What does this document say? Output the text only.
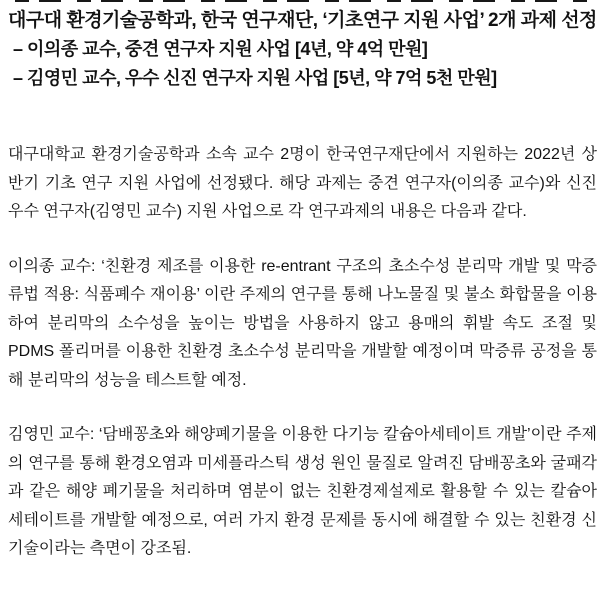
대구대 환경기술공학과, 한국 연구재단, ‘기초연구 지원 사업’ 2개 과제 선정
– 이의종 교수, 중견 연구자 지원 사업 [4년, 약 4억 만원]
– 김영민 교수, 우수 신진 연구자 지원 사업 [5년, 약 7억 5천 만원]

대구대학교 환경기술공학과 소속 교수 2명이 한국연구재단에서 지원하는 2022년 상반기 기초 연구 지원 사업에 선정됐다. 해당 과제는 중견 연구자(이의종 교수)와 신진 우수 연구자(김영민 교수) 지원 사업으로 각 연구과제의 내용은 다음과 같다.

이의종 교수: ‘친환경 제조를 이용한 re-entrant 구조의 초소수성 분리막 개발 및 막증류법 적용: 식품폐수 재이용’ 이란 주제의 연구를 통해 나노물질 및 불소 화합물을 이용하여 분리막의 소수성을 높이는 방법을 사용하지 않고 용매의 휘발 속도 조절 및 PDMS 폴리머를 이용한 친환경 초소수성 분리막을 개발할 예정이며 막증류 공정을 통해 분리막의 성능을 테스트할 예정.

김영민 교수: ‘담배꽁초와 해양폐기물을 이용한 다기능 칼슘아세테이트 개발’이란 주제의 연구를 통해 환경오염과 미세플라스틱 생성 원인 물질로 알려진 담배꽁초와 굴패각과 같은 해양 폐기물을 처리하며 염분이 없는 친환경제설제로 활용할 수 있는 칼슘아세테이트를 개발할 예정으로, 여러 가지 환경 문제를 동시에 해결할 수 있는 친환경 신기술이라는 측면이 강조됨.
